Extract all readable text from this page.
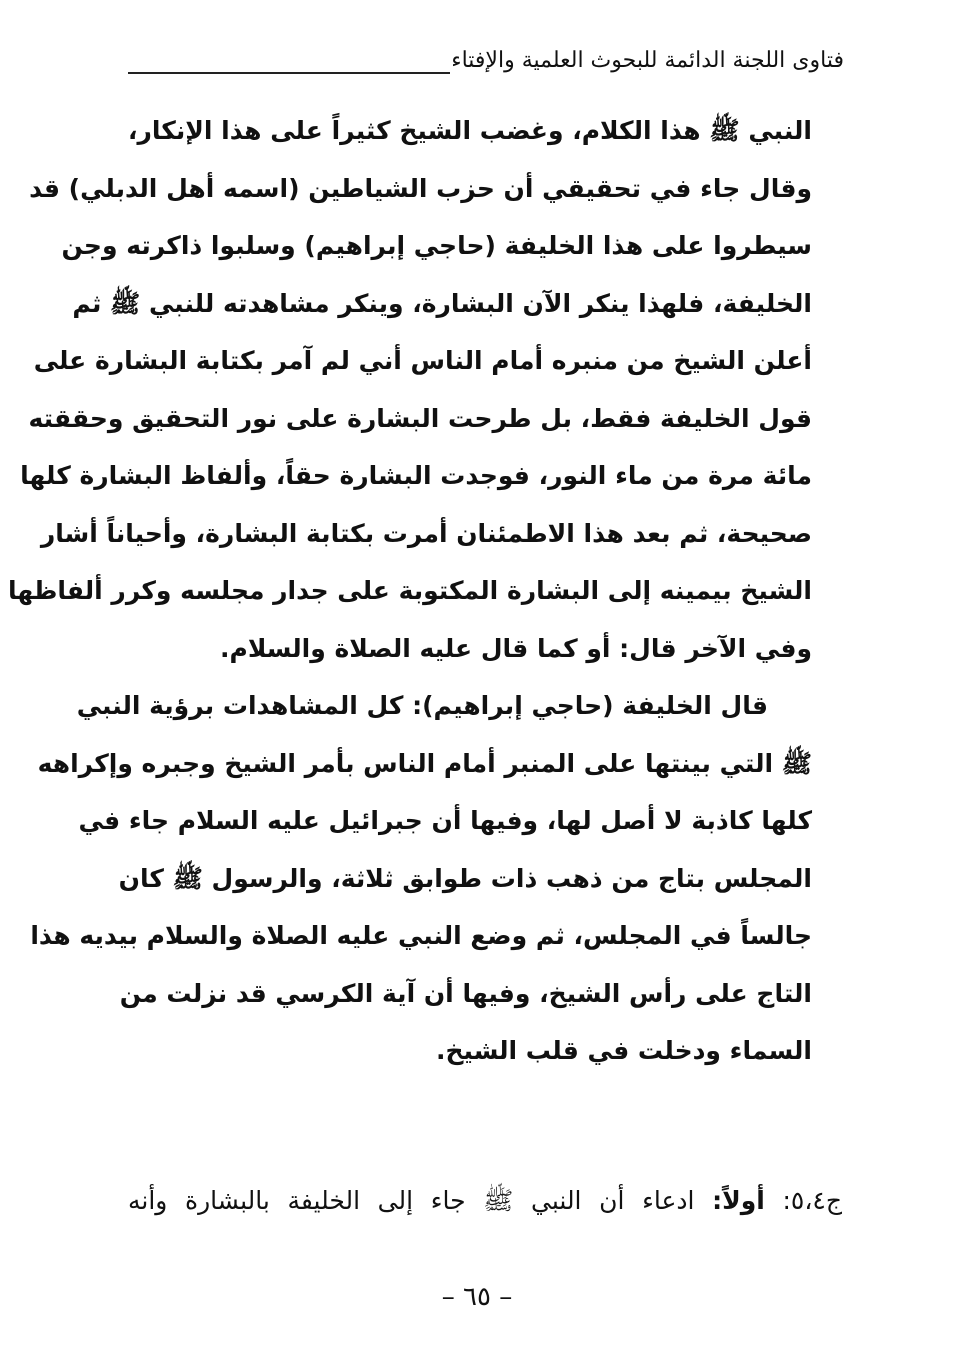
فتاوى اللجنة الدائمة للبحوث العلمية والإفتاء
النبي ﷺ هذا الكلام، وغضب الشيخ كثيراً على هذا الإنكار،
وقال جاء في تحقيقي أن حزب الشياطين (اسمه أهل الدبلي) قد
سيطروا على هذا الخليفة (حاجي إبراهيم) وسلبوا ذاكرته وجن
الخليفة، فلهذا ينكر الآن البشارة، وينكر مشاهدته للنبي ﷺ ثم
أعلن الشيخ من منبره أمام الناس أني لم آمر بكتابة البشارة على
قول الخليفة فقط، بل طرحت البشارة على نور التحقيق وحققته
مائة مرة من ماء النور، فوجدت البشارة حقاً، وألفاظ البشارة كلها
صحيحة، ثم بعد هذا الاطمئنان أمرت بكتابة البشارة، وأحياناً أشار
الشيخ بيمينه إلى البشارة المكتوبة على جدار مجلسه وكرر ألفاظها
وفي الآخر قال: أو كما قال عليه الصلاة والسلام.
قال الخليفة (حاجي إبراهيم): كل المشاهدات برؤية النبي
ﷺ التي بينتها على المنبر أمام الناس بأمر الشيخ وجبره وإكراهه
كلها كاذبة لا أصل لها، وفيها أن جبرائيل عليه السلام جاء في
المجلس بتاج من ذهب ذات طوابق ثلاثة، والرسول ﷺ كان
جالساً في المجلس، ثم وضع النبي عليه الصلاة والسلام بيديه هذا
التاج على رأس الشيخ، وفيها أن آية الكرسي قد نزلت من
السماء ودخلت في قلب الشيخ.
ج٥،٤: أولاً: ادعاء أن النبي ﷺ جاء إلى الخليفة بالبشارة وأنه
– ٦٥ –
